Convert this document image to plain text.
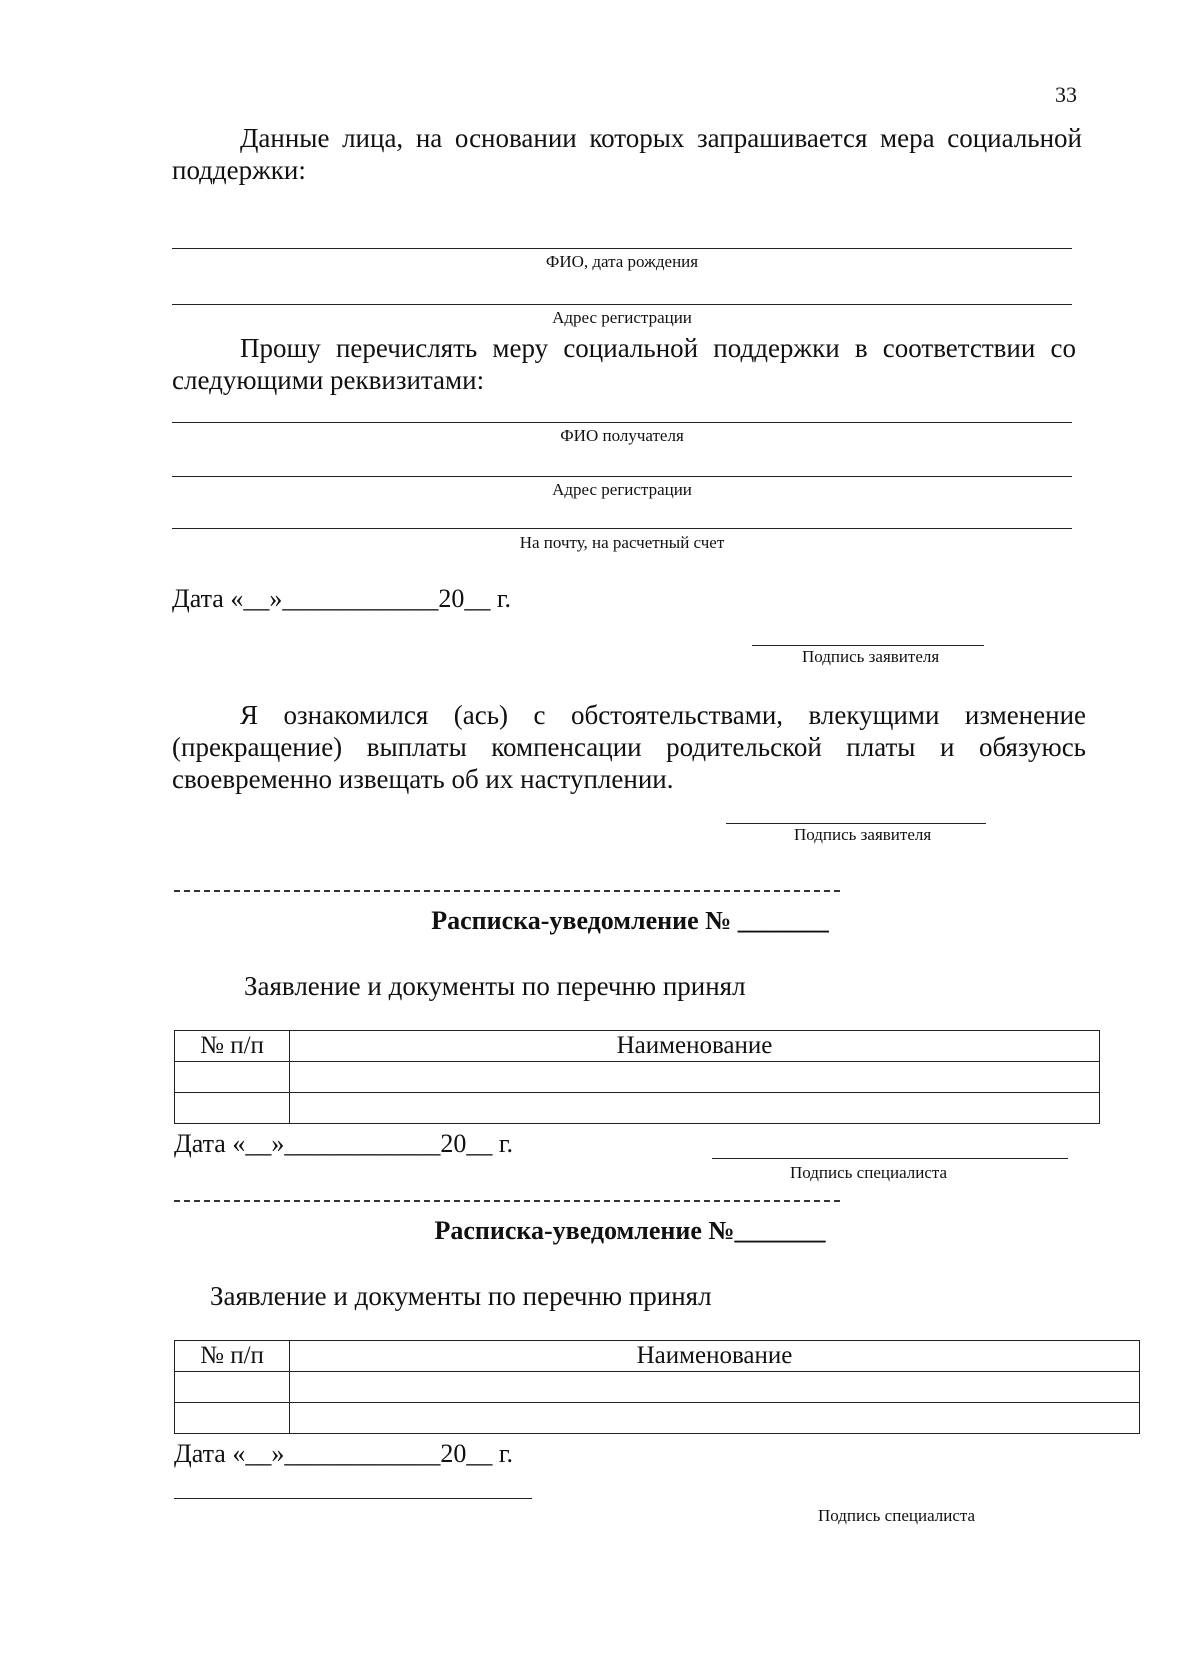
33
Данные лица, на основании которых запрашивается мера социальной
поддержки:
ФИО, дата рождения
Адрес регистрации
Прошу перечислять меру социальной поддержки в соответствии со
следующими реквизитами:
ФИО получателя
Адрес регистрации
На почту, на расчетный счет
Дата «__»____________20__ г.
Подпись заявителя
Я ознакомился (ась) с обстоятельствами, влекущими изменение
(прекращение) выплаты компенсации родительской платы и обязуюсь
своевременно извещать об их наступлении.
Подпись заявителя
Расписка-уведомление № _______
Заявление и документы по перечню принял
№ п/п	Наименование

Дата «__»____________20__ г.
Подпись специалиста
Расписка-уведомление №_______
Заявление и документы по перечню принял
№ п/п	Наименование

Дата «__»____________20__ г.
Подпись специалиста
